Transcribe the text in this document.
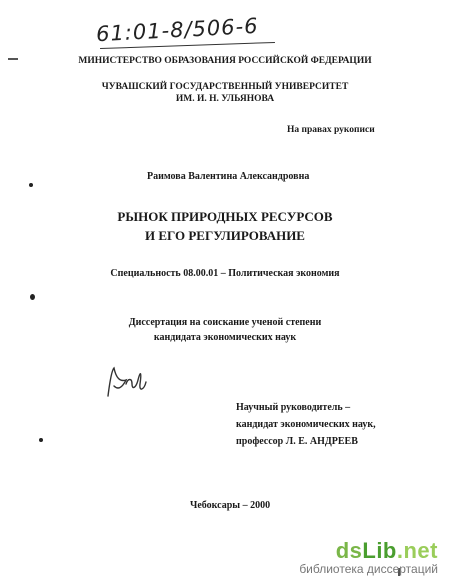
61:01-8/506-6
МИНИСТЕРСТВО ОБРАЗОВАНИЯ РОССИЙСКОЙ ФЕДЕРАЦИИ
ЧУВАШСКИЙ ГОСУДАРСТВЕННЫЙ УНИВЕРСИТЕТ
ИМ. И. Н. УЛЬЯНОВА
На правах рукописи
Раимова Валентина Александровна
РЫНОК ПРИРОДНЫХ РЕСУРСОВ
И ЕГО РЕГУЛИРОВАНИЕ
Специальность 08.00.01 – Политическая экономия
Диссертация на соискание ученой степени
кандидата экономических наук
Научный руководитель –
кандидат экономических наук,
профессор Л. Е. АНДРЕЕВ
Чебоксары – 2000
dsLib.net
библиотека диссертаций
